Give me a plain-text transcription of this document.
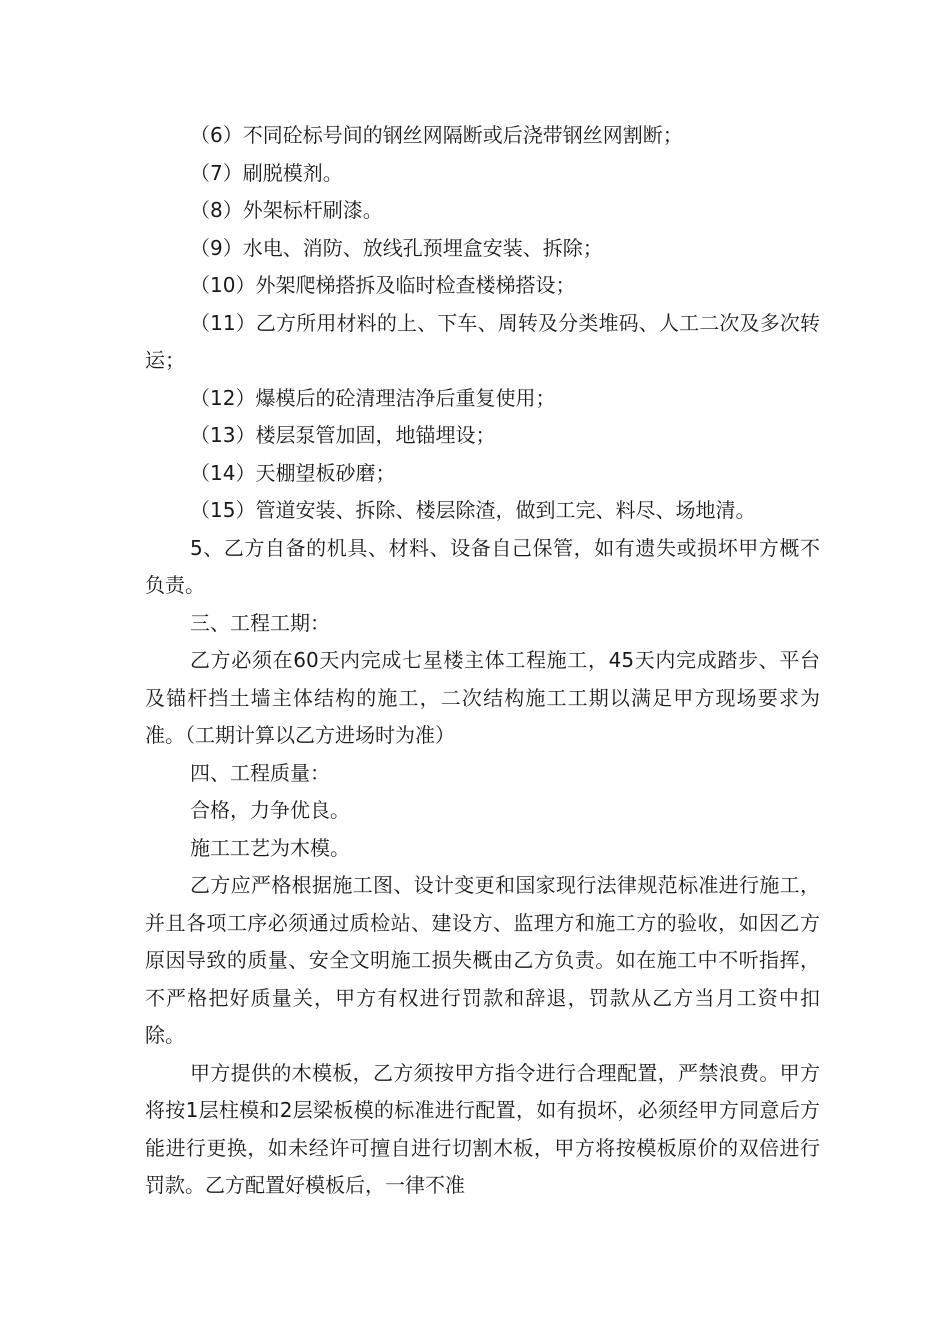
（6）不同砼标号间的钢丝网隔断或后浇带钢丝网割断；

（7）刷脱模剂。

（8）外架标杆刷漆。

（9）水电、消防、放线孔预埋盒安装、拆除；

（10）外架爬梯搭拆及临时检查楼梯搭设；

（11）乙方所用材料的上、下车、周转及分类堆码、人工二次及多次转运；

（12）爆模后的砼清理洁净后重复使用；

（13）楼层泵管加固，地锚埋设；

（14）天棚望板砂磨；

（15）管道安装、拆除、楼层除渣，做到工完、料尽、场地清。

5、乙方自备的机具、材料、设备自己保管，如有遗失或损坏甲方概不负责。

三、工程工期：

乙方必须在60天内完成七星楼主体工程施工，45天内完成踏步、平台及锚杆挡土墙主体结构的施工，二次结构施工工期以满足甲方现场要求为准。（工期计算以乙方进场时为准）

四、工程质量：

合格，力争优良。

施工工艺为木模。

乙方应严格根据施工图、设计变更和国家现行法律规范标准进行施工，并且各项工序必须通过质检站、建设方、监理方和施工方的验收，如因乙方原因导致的质量、安全文明施工损失概由乙方负责。如在施工中不听指挥，不严格把好质量关，甲方有权进行罚款和辞退，罚款从乙方当月工资中扣除。

甲方提供的木模板，乙方须按甲方指令进行合理配置，严禁浪费。甲方将按1层柱模和2层梁板模的标准进行配置，如有损坏，必须经甲方同意后方能进行更换，如未经许可擅自进行切割木板，甲方将按模板原价的双倍进行罚款。乙方配置好模板后，一律不准
